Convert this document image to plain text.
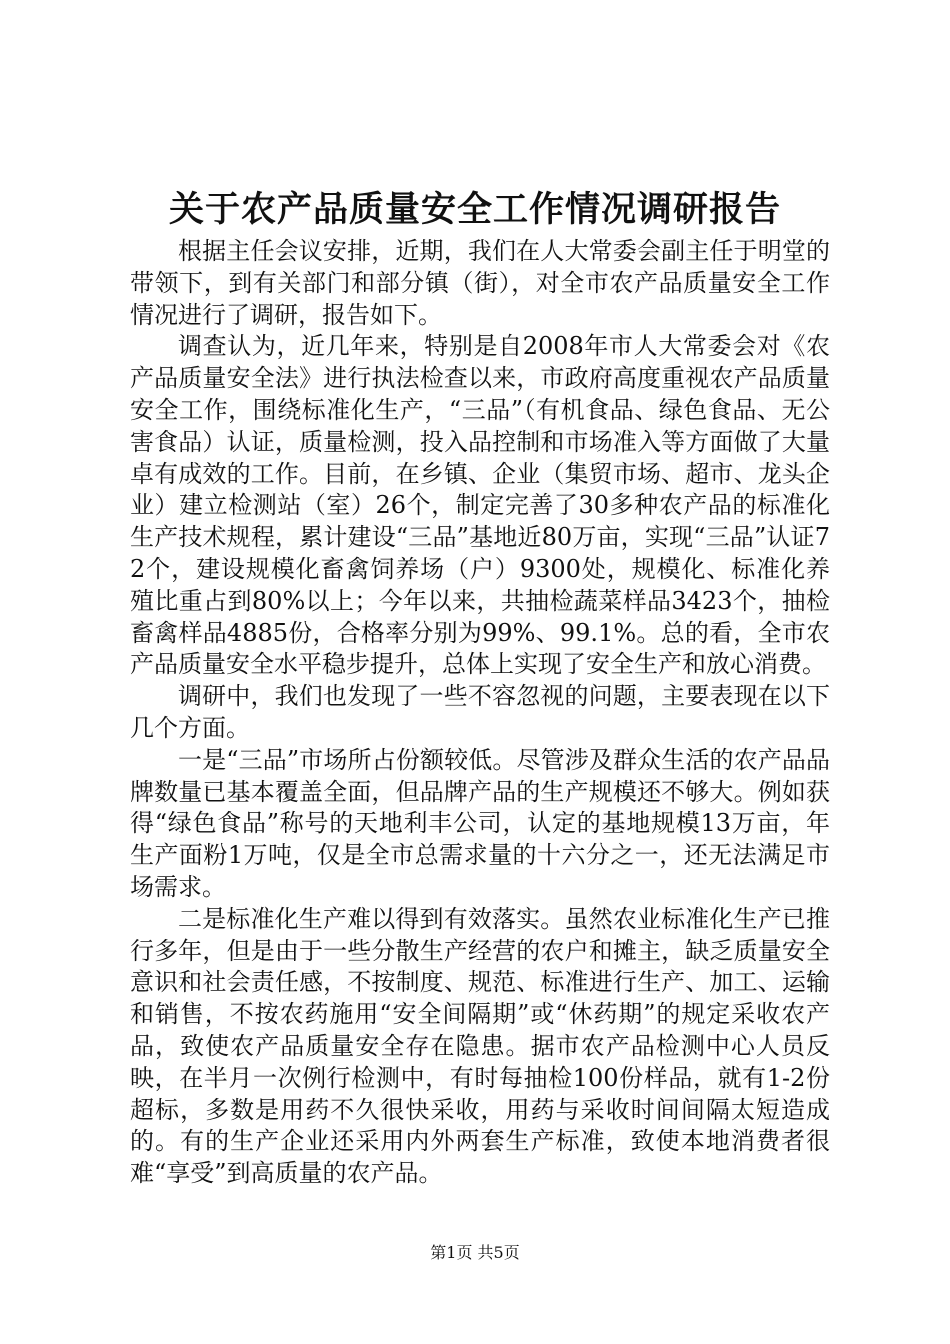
关于农产品质量安全工作情况调研报告

根据主任会议安排，近期，我们在人大常委会副主任于明堂的带领下，到有关部门和部分镇（街），对全市农产品质量安全工作情况进行了调研，报告如下。

调查认为，近几年来，特别是自2008年市人大常委会对《农产品质量安全法》进行执法检查以来，市政府高度重视农产品质量安全工作，围绕标准化生产，“三品”（有机食品、绿色食品、无公害食品）认证，质量检测，投入品控制和市场准入等方面做了大量卓有成效的工作。目前，在乡镇、企业（集贸市场、超市、龙头企业）建立检测站（室）26个，制定完善了30多种农产品的标准化生产技术规程，累计建设“三品”基地近80万亩，实现“三品”认证72个，建设规模化畜禽饲养场（户）9300处，规模化、标准化养殖比重占到80%以上；今年以来，共抽检蔬菜样品3423个，抽检畜禽样品4885份，合格率分别为99%、99.1%。总的看，全市农产品质量安全水平稳步提升，总体上实现了安全生产和放心消费。

调研中，我们也发现了一些不容忽视的问题，主要表现在以下几个方面。

一是“三品”市场所占份额较低。尽管涉及群众生活的农产品品牌数量已基本覆盖全面，但品牌产品的生产规模还不够大。例如获得“绿色食品”称号的天地利丰公司，认定的基地规模13万亩，年生产面粉1万吨，仅是全市总需求量的十六分之一，还无法满足市场需求。

二是标准化生产难以得到有效落实。虽然农业标准化生产已推行多年，但是由于一些分散生产经营的农户和摊主，缺乏质量安全意识和社会责任感，不按制度、规范、标准进行生产、加工、运输和销售，不按农药施用“安全间隔期”或“休药期”的规定采收农产品，致使农产品质量安全存在隐患。据市农产品检测中心人员反映，在半月一次例行检测中，有时每抽检100份样品，就有1-2份超标，多数是用药不久很快采收，用药与采收时间间隔太短造成的。有的生产企业还采用内外两套生产标准，致使本地消费者很难“享受”到高质量的农产品。

第1页 共5页
